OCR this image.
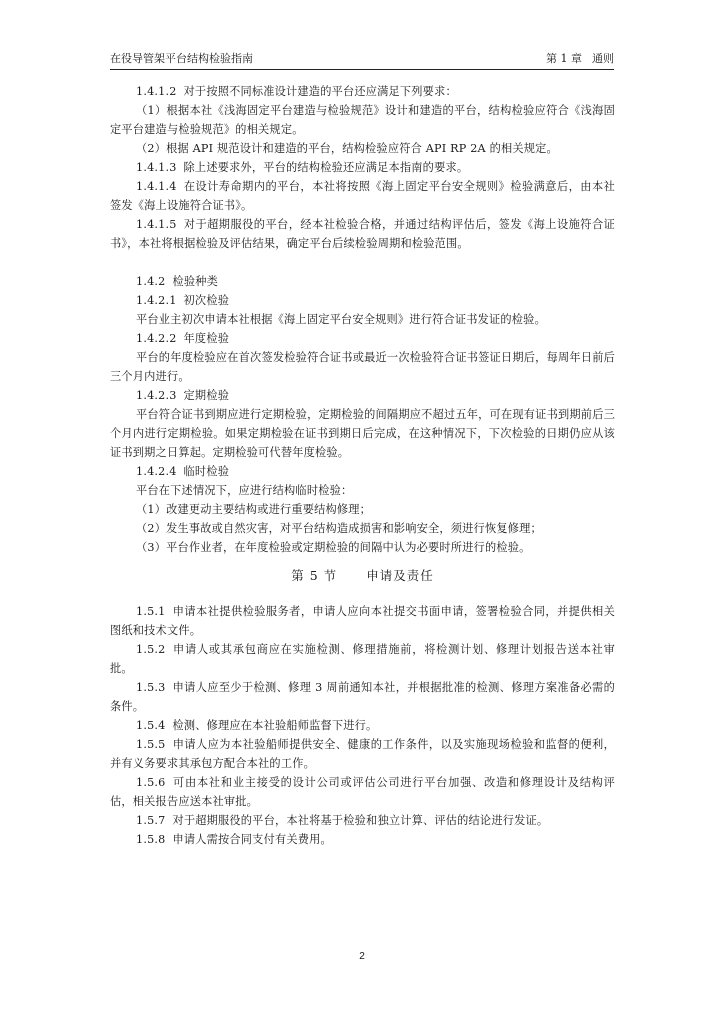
在役导管架平台结构检验指南	第 1 章 通则

1.4.1.2 对于按照不同标准设计建造的平台还应满足下列要求：

（1）根据本社《浅海固定平台建造与检验规范》设计和建造的平台，结构检验应符合《浅海固定平台建造与检验规范》的相关规定。

（2）根据 API 规范设计和建造的平台，结构检验应符合 API RP 2A 的相关规定。

1.4.1.3 除上述要求外，平台的结构检验还应满足本指南的要求。

1.4.1.4 在设计寿命期内的平台，本社将按照《海上固定平台安全规则》检验满意后，由本社签发《海上设施符合证书》。

1.4.1.5 对于超期服役的平台，经本社检验合格，并通过结构评估后，签发《海上设施符合证书》，本社将根据检验及评估结果，确定平台后续检验周期和检验范围。

1.4.2 检验种类

1.4.2.1 初次检验

平台业主初次申请本社根据《海上固定平台安全规则》进行符合证书发证的检验。

1.4.2.2 年度检验

平台的年度检验应在首次签发检验符合证书或最近一次检验符合证书签证日期后，每周年日前后三个月内进行。

1.4.2.3 定期检验

平台符合证书到期应进行定期检验，定期检验的间隔期应不超过五年，可在现有证书到期前后三个月内进行定期检验。如果定期检验在证书到期日后完成，在这种情况下，下次检验的日期仍应从该证书到期之日算起。定期检验可代替年度检验。

1.4.2.4 临时检验

平台在下述情况下，应进行结构临时检验：

（1）改建更动主要结构或进行重要结构修理；

（2）发生事故或自然灾害，对平台结构造成损害和影响安全，须进行恢复修理；

（3）平台作业者，在年度检验或定期检验的间隔中认为必要时所进行的检验。

第 5 节 申请及责任

1.5.1 申请本社提供检验服务者，申请人应向本社提交书面申请，签署检验合同，并提供相关图纸和技术文件。

1.5.2 申请人或其承包商应在实施检测、修理措施前，将检测计划、修理计划报告送本社审批。

1.5.3 申请人应至少于检测、修理 3 周前通知本社，并根据批准的检测、修理方案准备必需的条件。

1.5.4 检测、修理应在本社验船师监督下进行。

1.5.5 申请人应为本社验船师提供安全、健康的工作条件，以及实施现场检验和监督的便利，并有义务要求其承包方配合本社的工作。

1.5.6 可由本社和业主接受的设计公司或评估公司进行平台加强、改造和修理设计及结构评估，相关报告应送本社审批。

1.5.7 对于超期服役的平台，本社将基于检验和独立计算、评估的结论进行发证。

1.5.8 申请人需按合同支付有关费用。

2
